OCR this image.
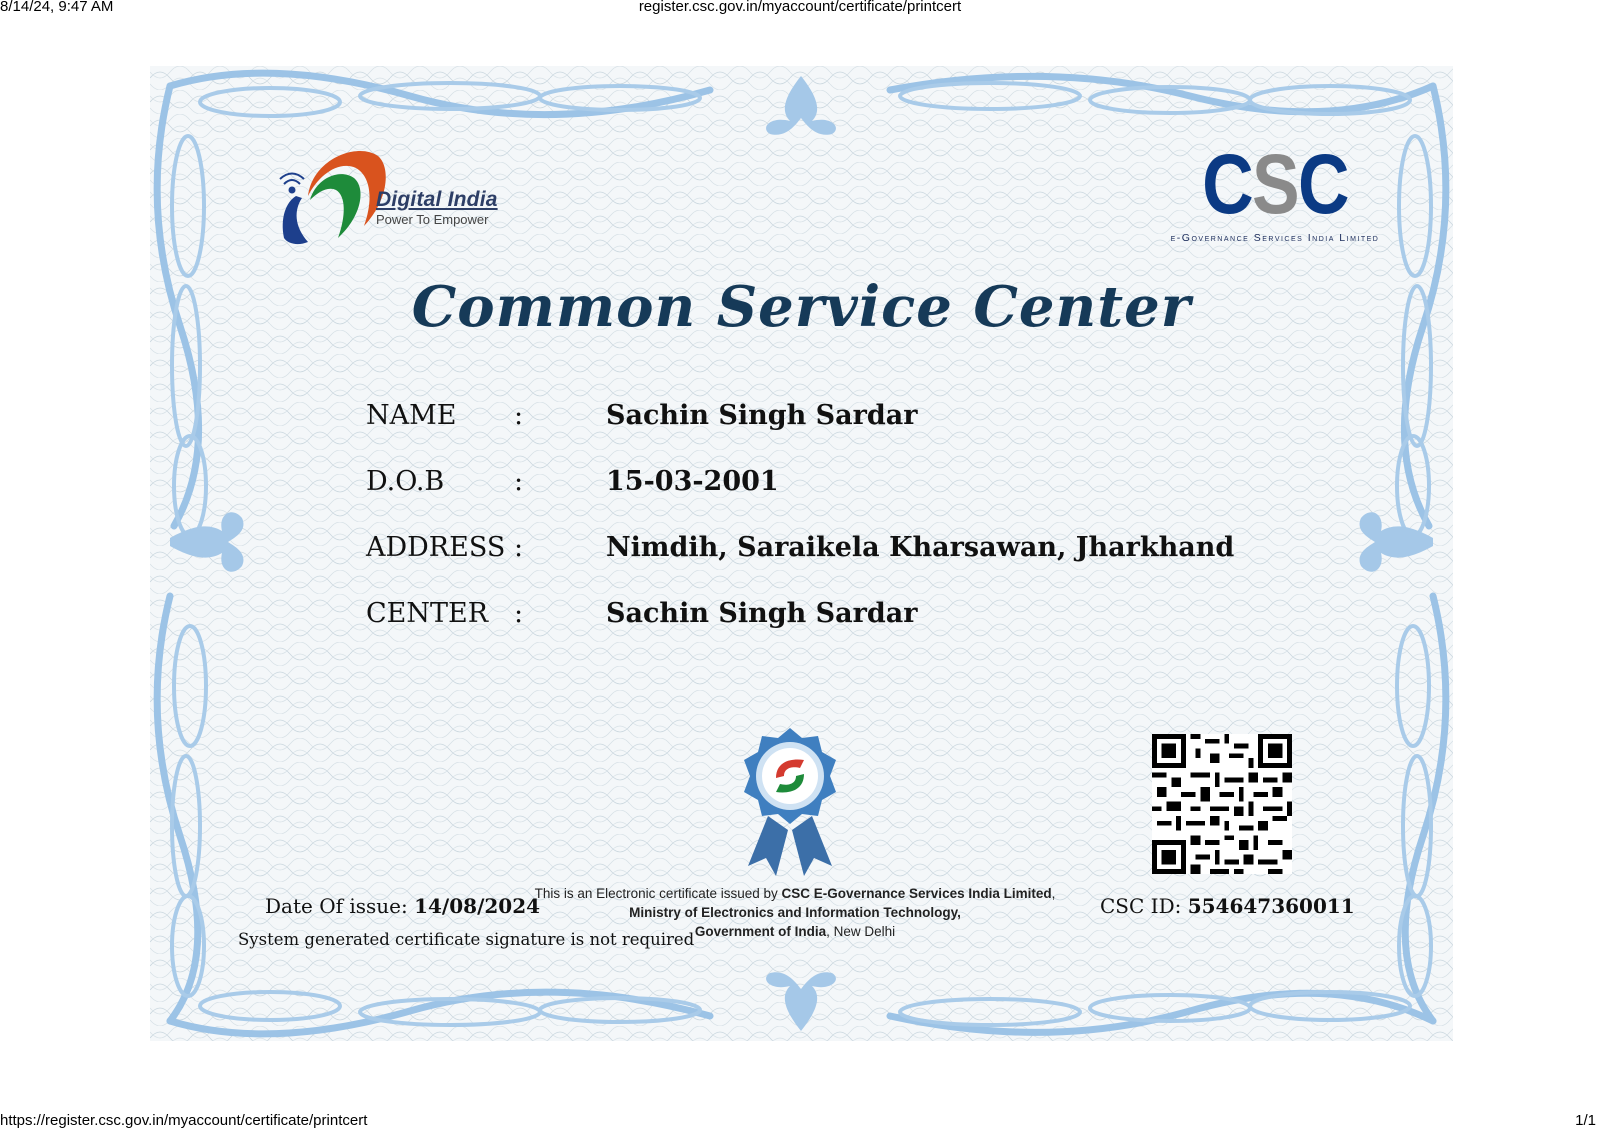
8/14/24, 9:47 AM	register.csc.gov.in/myaccount/certificate/printcert
Digital India
Power To Empower	CSC
e-Governance Services India Limited
Common Service Center
NAME :	Sachin Singh Sardar
D.O.B	:	15-03-2001
ADDRESS :	Nimdih, Saraikela Kharsawan, Jharkhand
CENTER :	Sachin Singh Sardar
Date Of issue: 14/08/2024
System generated certificate signature is not required
This is an Electronic certificate issued by CSC E-Governance Services India Limited,
Ministry of Electronics and Information Technology,
Government of India, New Delhi
CSC ID: 554647360011
https://register.csc.gov.in/myaccount/certificate/printcert	1/1
